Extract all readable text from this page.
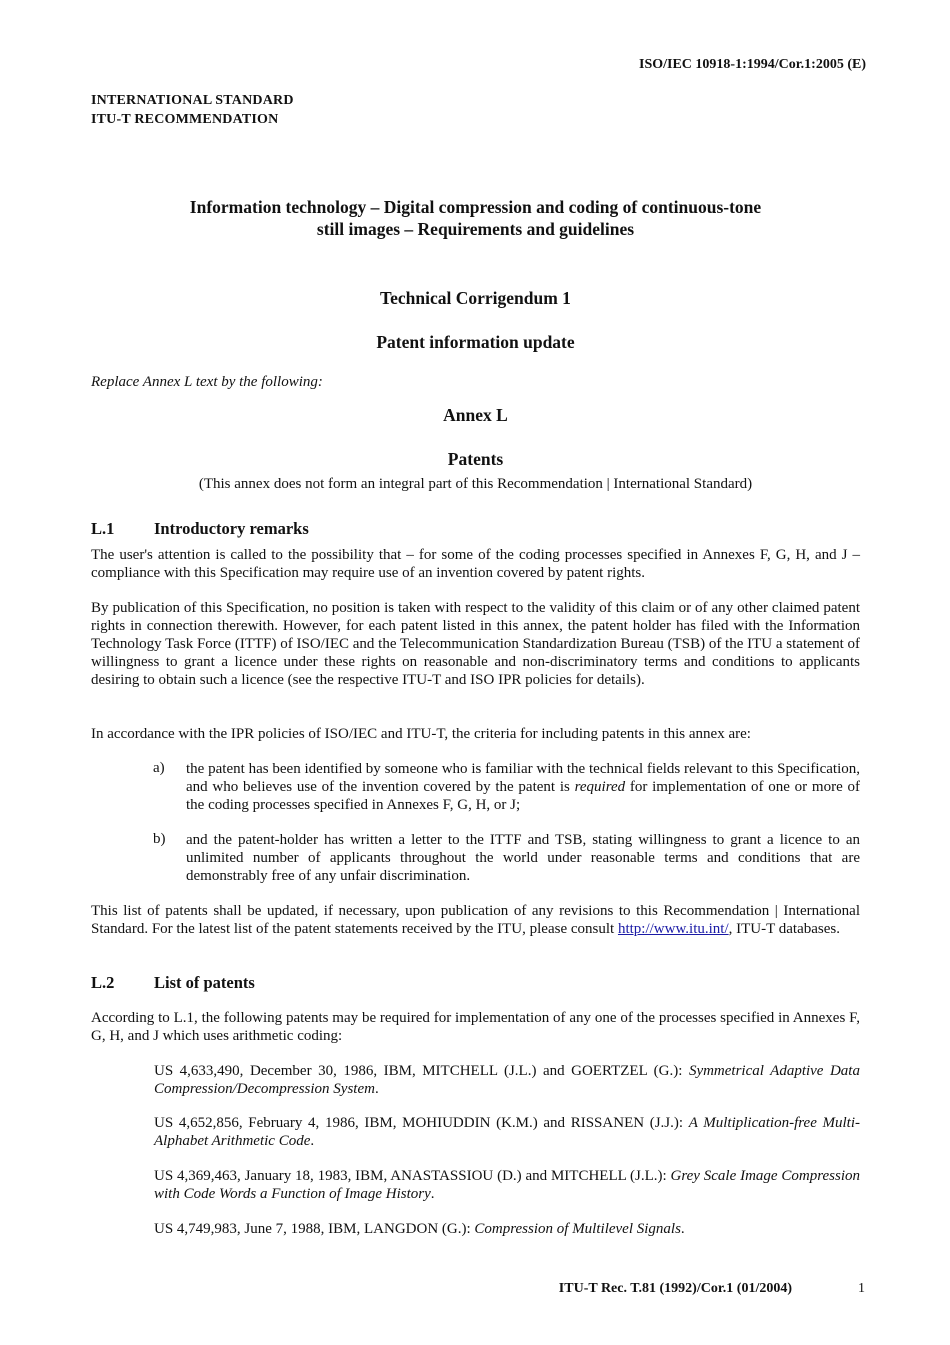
ISO/IEC 10918-1:1994/Cor.1:2005 (E)
INTERNATIONAL STANDARD
ITU-T RECOMMENDATION
Information technology – Digital compression and coding of continuous-tone
still images – Requirements and guidelines
Technical Corrigendum 1
Patent information update
Replace Annex L text by the following:
Annex L
Patents
(This annex does not form an integral part of this Recommendation | International Standard)
L.1 Introductory remarks
The user's attention is called to the possibility that – for some of the coding processes specified in Annexes F, G, H, and J – compliance with this Specification may require use of an invention covered by patent rights.
By publication of this Specification, no position is taken with respect to the validity of this claim or of any other claimed patent rights in connection therewith. However, for each patent listed in this annex, the patent holder has filed with the Information Technology Task Force (ITTF) of ISO/IEC and the Telecommunication Standardization Bureau (TSB) of the ITU a statement of willingness to grant a licence under these rights on reasonable and non-discriminatory terms and conditions to applicants desiring to obtain such a licence (see the respective ITU-T and ISO IPR policies for details).
In accordance with the IPR policies of ISO/IEC and ITU-T, the criteria for including patents in this annex are:
a) the patent has been identified by someone who is familiar with the technical fields relevant to this Specification, and who believes use of the invention covered by the patent is required for implementation of one or more of the coding processes specified in Annexes F, G, H, or J;
b) and the patent-holder has written a letter to the ITTF and TSB, stating willingness to grant a licence to an unlimited number of applicants throughout the world under reasonable terms and conditions that are demonstrably free of any unfair discrimination.
This list of patents shall be updated, if necessary, upon publication of any revisions to this Recommendation | International Standard. For the latest list of the patent statements received by the ITU, please consult http://www.itu.int/, ITU-T databases.
L.2 List of patents
According to L.1, the following patents may be required for implementation of any one of the processes specified in Annexes F, G, H, and J which uses arithmetic coding:
US 4,633,490, December 30, 1986, IBM, MITCHELL (J.L.) and GOERTZEL (G.): Symmetrical Adaptive Data Compression/Decompression System.
US 4,652,856, February 4, 1986, IBM, MOHIUDDIN (K.M.) and RISSANEN (J.J.): A Multiplication-free Multi-Alphabet Arithmetic Code.
US 4,369,463, January 18, 1983, IBM, ANASTASSIOU (D.) and MITCHELL (J.L.): Grey Scale Image Compression with Code Words a Function of Image History.
US 4,749,983, June 7, 1988, IBM, LANGDON (G.): Compression of Multilevel Signals.
ITU-T Rec. T.81 (1992)/Cor.1 (01/2004)	1
